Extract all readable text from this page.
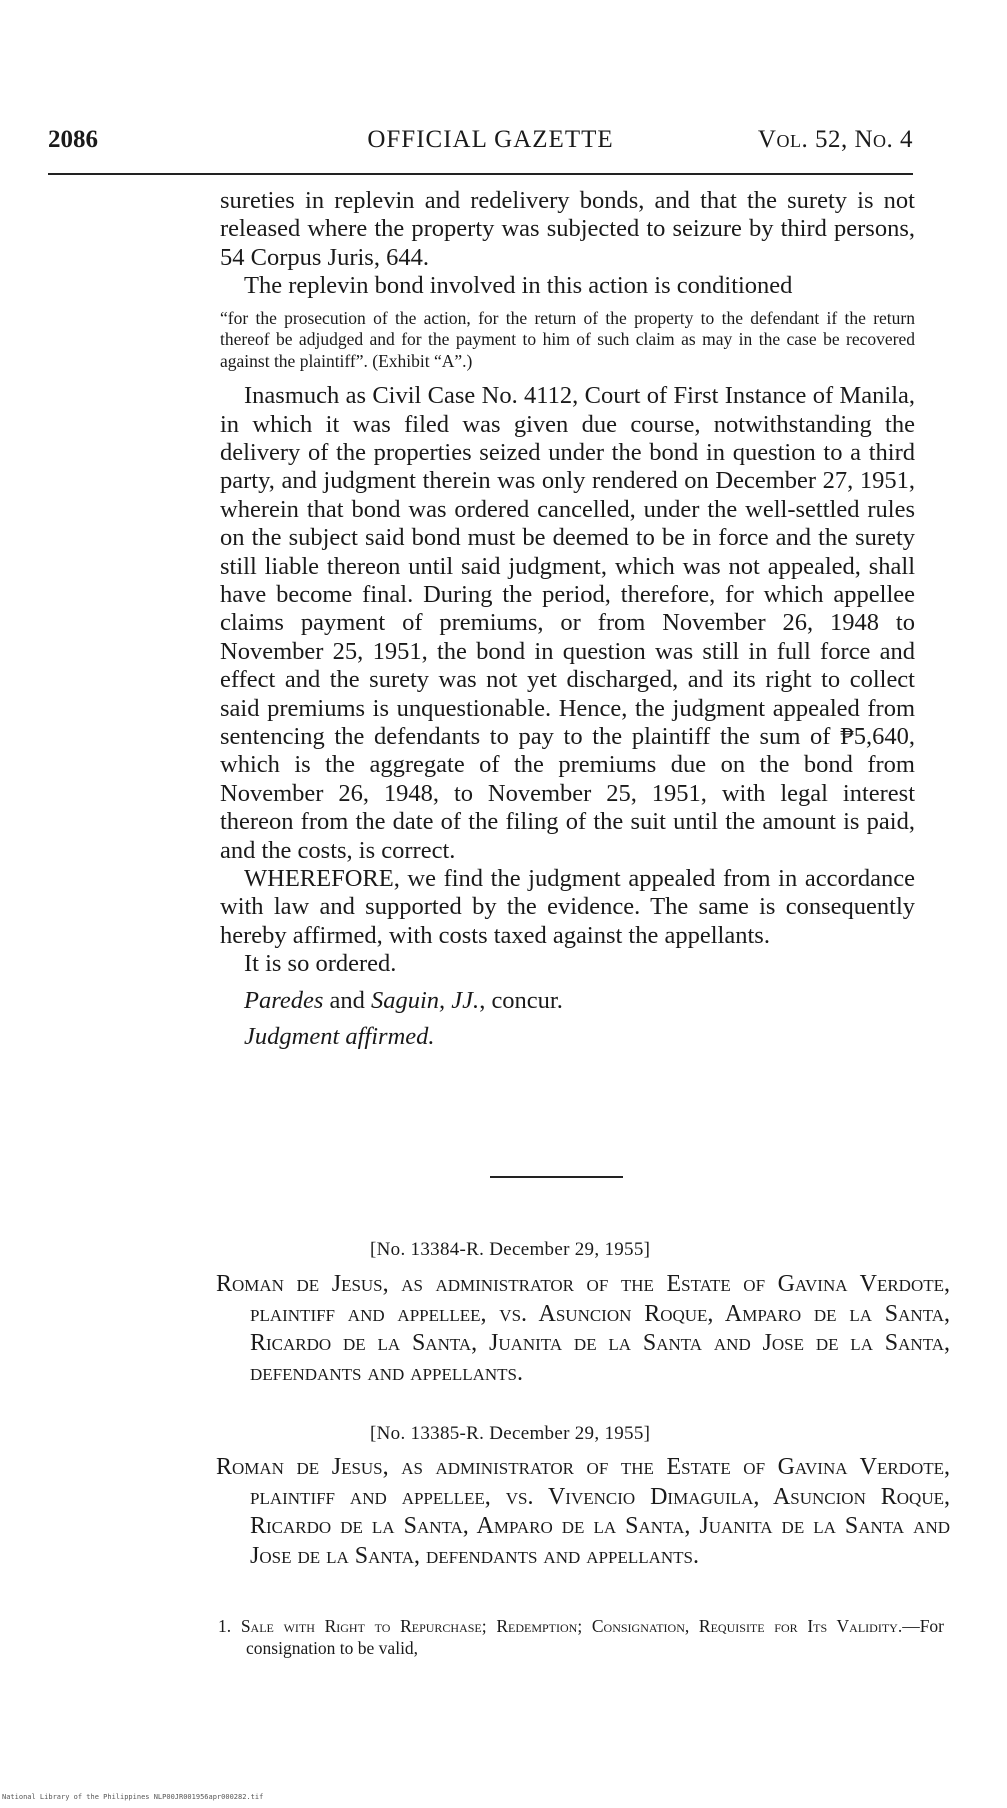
2086	OFFICIAL GAZETTE	Vol. 52, No. 4

sureties in replevin and redelivery bonds, and that the surety is not released where the property was subjected to seizure by third persons, 54 Corpus Juris, 644.

The replevin bond involved in this action is conditioned

“for the prosecution of the action, for the return of the property to the defendant if the return thereof be adjudged and for the payment to him of such claim as may in the case be recovered against the plaintiff”. (Exhibit “A”.)

Inasmuch as Civil Case No. 4112, Court of First Instance of Manila, in which it was filed was given due course, notwithstanding the delivery of the properties seized under the bond in question to a third party, and judgment therein was only rendered on December 27, 1951, wherein that bond was ordered cancelled, under the well-settled rules on the subject said bond must be deemed to be in force and the surety still liable thereon until said judgment, which was not appealed, shall have become final. During the period, therefore, for which appellee claims payment of premiums, or from November 26, 1948 to November 25, 1951, the bond in question was still in full force and effect and the surety was not yet discharged, and its right to collect said premiums is unquestionable. Hence, the judgment appealed from sentencing the defendants to pay to the plaintiff the sum of ₱5,640, which is the aggregate of the premiums due on the bond from November 26, 1948, to November 25, 1951, with legal interest thereon from the date of the filing of the suit until the amount is paid, and the costs, is correct.

WHEREFORE, we find the judgment appealed from in accordance with law and supported by the evidence. The same is consequently hereby affirmed, with costs taxed against the appellants.

It is so ordered.

Paredes and Saguin, JJ., concur.

Judgment affirmed.

[No. 13384-R. December 29, 1955]

Roman de Jesus, as administrator of the Estate of Gavina Verdote, plaintiff and appellee, vs. Asuncion Roque, Amparo de la Santa, Ricardo de la Santa, Juanita de la Santa and Jose de la Santa, defendants and appellants.

[No. 13385-R. December 29, 1955]

Roman de Jesus, as administrator of the Estate of Gavina Verdote, plaintiff and appellee, vs. Vivencio Dimaguila, Asuncion Roque, Ricardo de la Santa, Amparo de la Santa, Juanita de la Santa and Jose de la Santa, defendants and appellants.

1. Sale with Right to Repurchase; Redemption; Consignation, Requisite for Its Validity.—For consignation to be valid,

National Library of the Philippines NLP00JR001956apr000282.tif
